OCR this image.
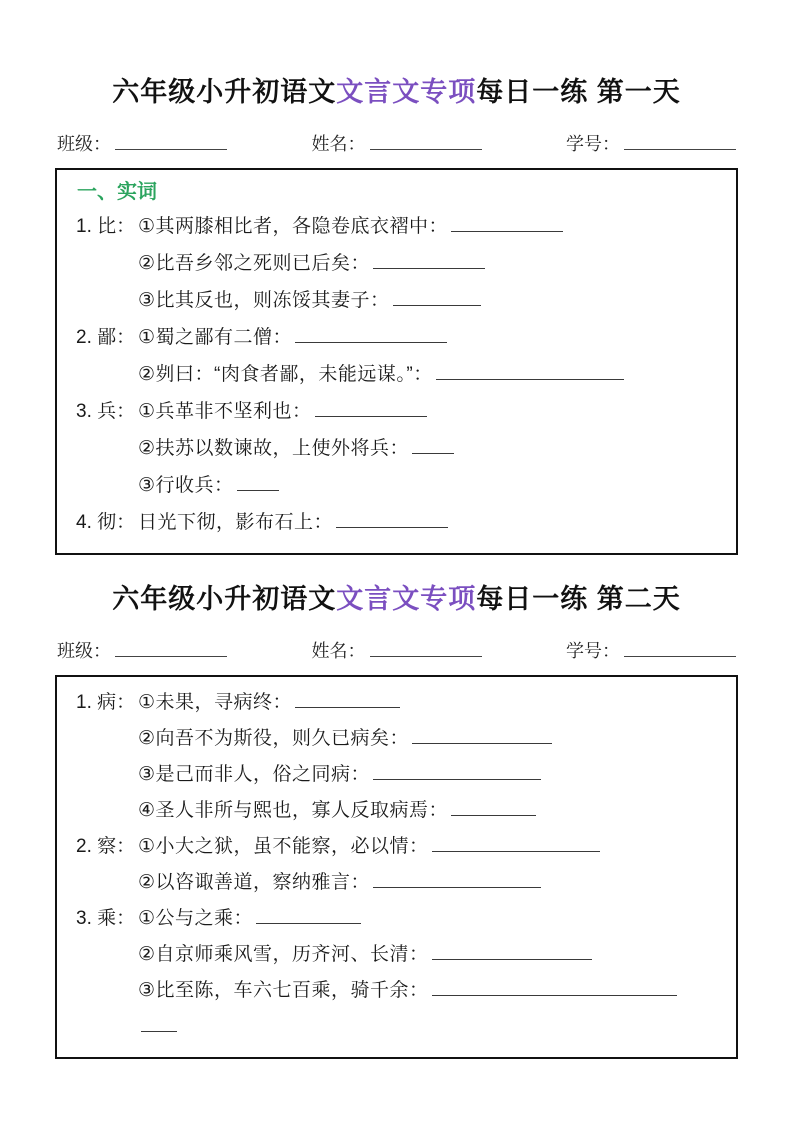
六年级小升初语文文言文专项每日一练 第一天
班级：	姓名：	学号：
一、实词
1. 比： ①其两膝相比者，各隐卷底衣褶中：
②比吾乡邻之死则已后矣：
③比其反也，则冻馁其妻子：
2. 鄙： ①蜀之鄙有二僧：
②刿曰：“肉食者鄙，未能远谋。”：
3. 兵： ①兵革非不坚利也：
②扶苏以数谏故，上使外将兵：
③行收兵：
4. 彻： 日光下彻，影布石上：
六年级小升初语文文言文专项每日一练 第二天
班级：	姓名：	学号：
1. 病： ①未果，寻病终：
②向吾不为斯役，则久已病矣：
③是己而非人，俗之同病：
④圣人非所与熙也，寡人反取病焉：
2. 察： ①小大之狱，虽不能察，必以情：
②以咨诹善道，察纳雅言：
3. 乘： ①公与之乘：
②自京师乘风雪，历齐河、长清：
③比至陈，车六七百乘，骑千余：
